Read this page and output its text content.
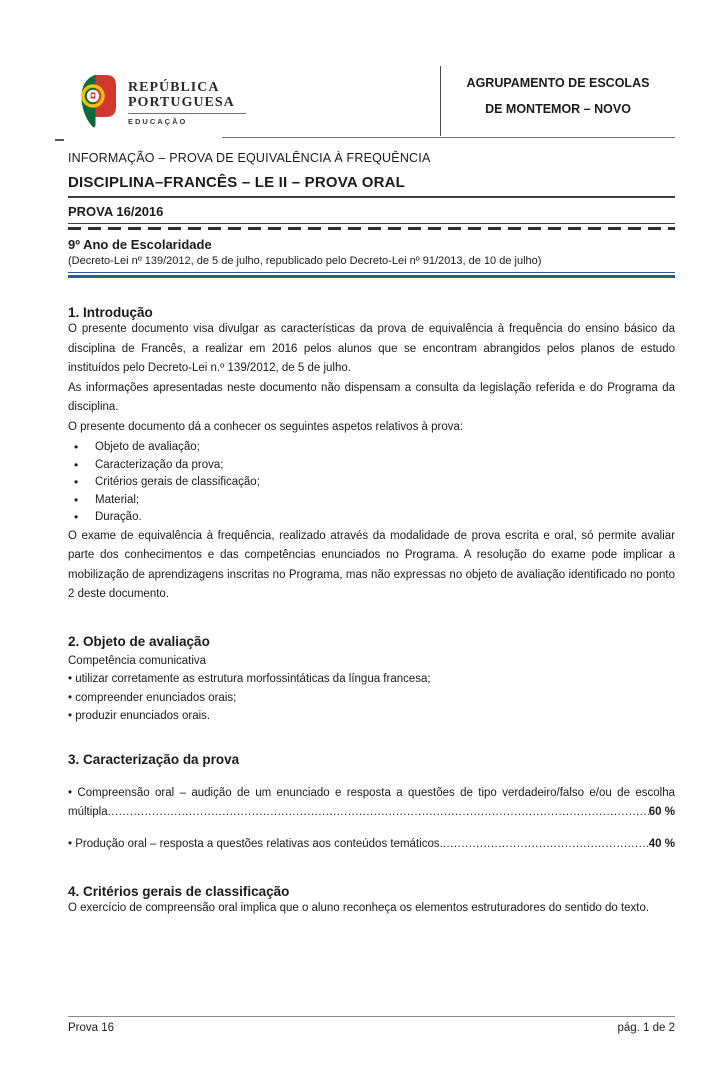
REPÚBLICA
PORTUGUESA
EDUCAÇÃO
AGRUPAMENTO DE ESCOLAS
DE MONTEMOR – NOVO
INFORMAÇÃO – PROVA DE EQUIVALÊNCIA À FREQUÊNCIA
DISCIPLINA–FRANCÊS – LE II – PROVA ORAL
PROVA 16/2016
9º Ano de Escolaridade
(Decreto-Lei nº 139/2012, de 5 de julho, republicado pelo Decreto-Lei nº 91/2013, de 10 de julho)
1. Introdução

O presente documento visa divulgar as características da prova de equivalência à frequência do ensino básico da disciplina de Francês, a realizar em 2016 pelos alunos que se encontram abrangidos pelos planos de estudo instituídos pelo Decreto-Lei n.º 139/2012, de 5 de julho.

As informações apresentadas neste documento não dispensam a consulta da legislação referida e do Programa da disciplina.

O presente documento dá a conhecer os seguintes aspetos relativos à prova:

• Objeto de avaliação;
• Caracterização da prova;
• Critérios gerais de classificação;
• Material;
• Duração.

O exame de equivalência à frequência, realizado através da modalidade de prova escrita e oral, só permite avaliar parte dos conhecimentos e das competências enunciados no Programa. A resolução do exame pode implicar a mobilização de aprendizagens inscritas no Programa, mas não expressas no objeto de avaliação identificado no ponto 2 deste documento.

2. Objeto de avaliação
Competência comunicativa
• utilizar corretamente as estrutura morfossintáticas da língua francesa;
• compreender enunciados orais;
• produzir enunciados orais.
3. Caracterização da prova
• Compreensão oral – audição de um enunciado e resposta a questões de tipo verdadeiro/falso e/ou de escolha
múltipla .....	60 %
• Produção oral – resposta a questões relativas aos conteúdos temáticos. .....	40 %
4. Critérios gerais de classificação

O exercício de compreensão oral implica que o aluno reconheça os elementos estruturadores do sentido do texto.

Prova 16	pág. 1 de 2
